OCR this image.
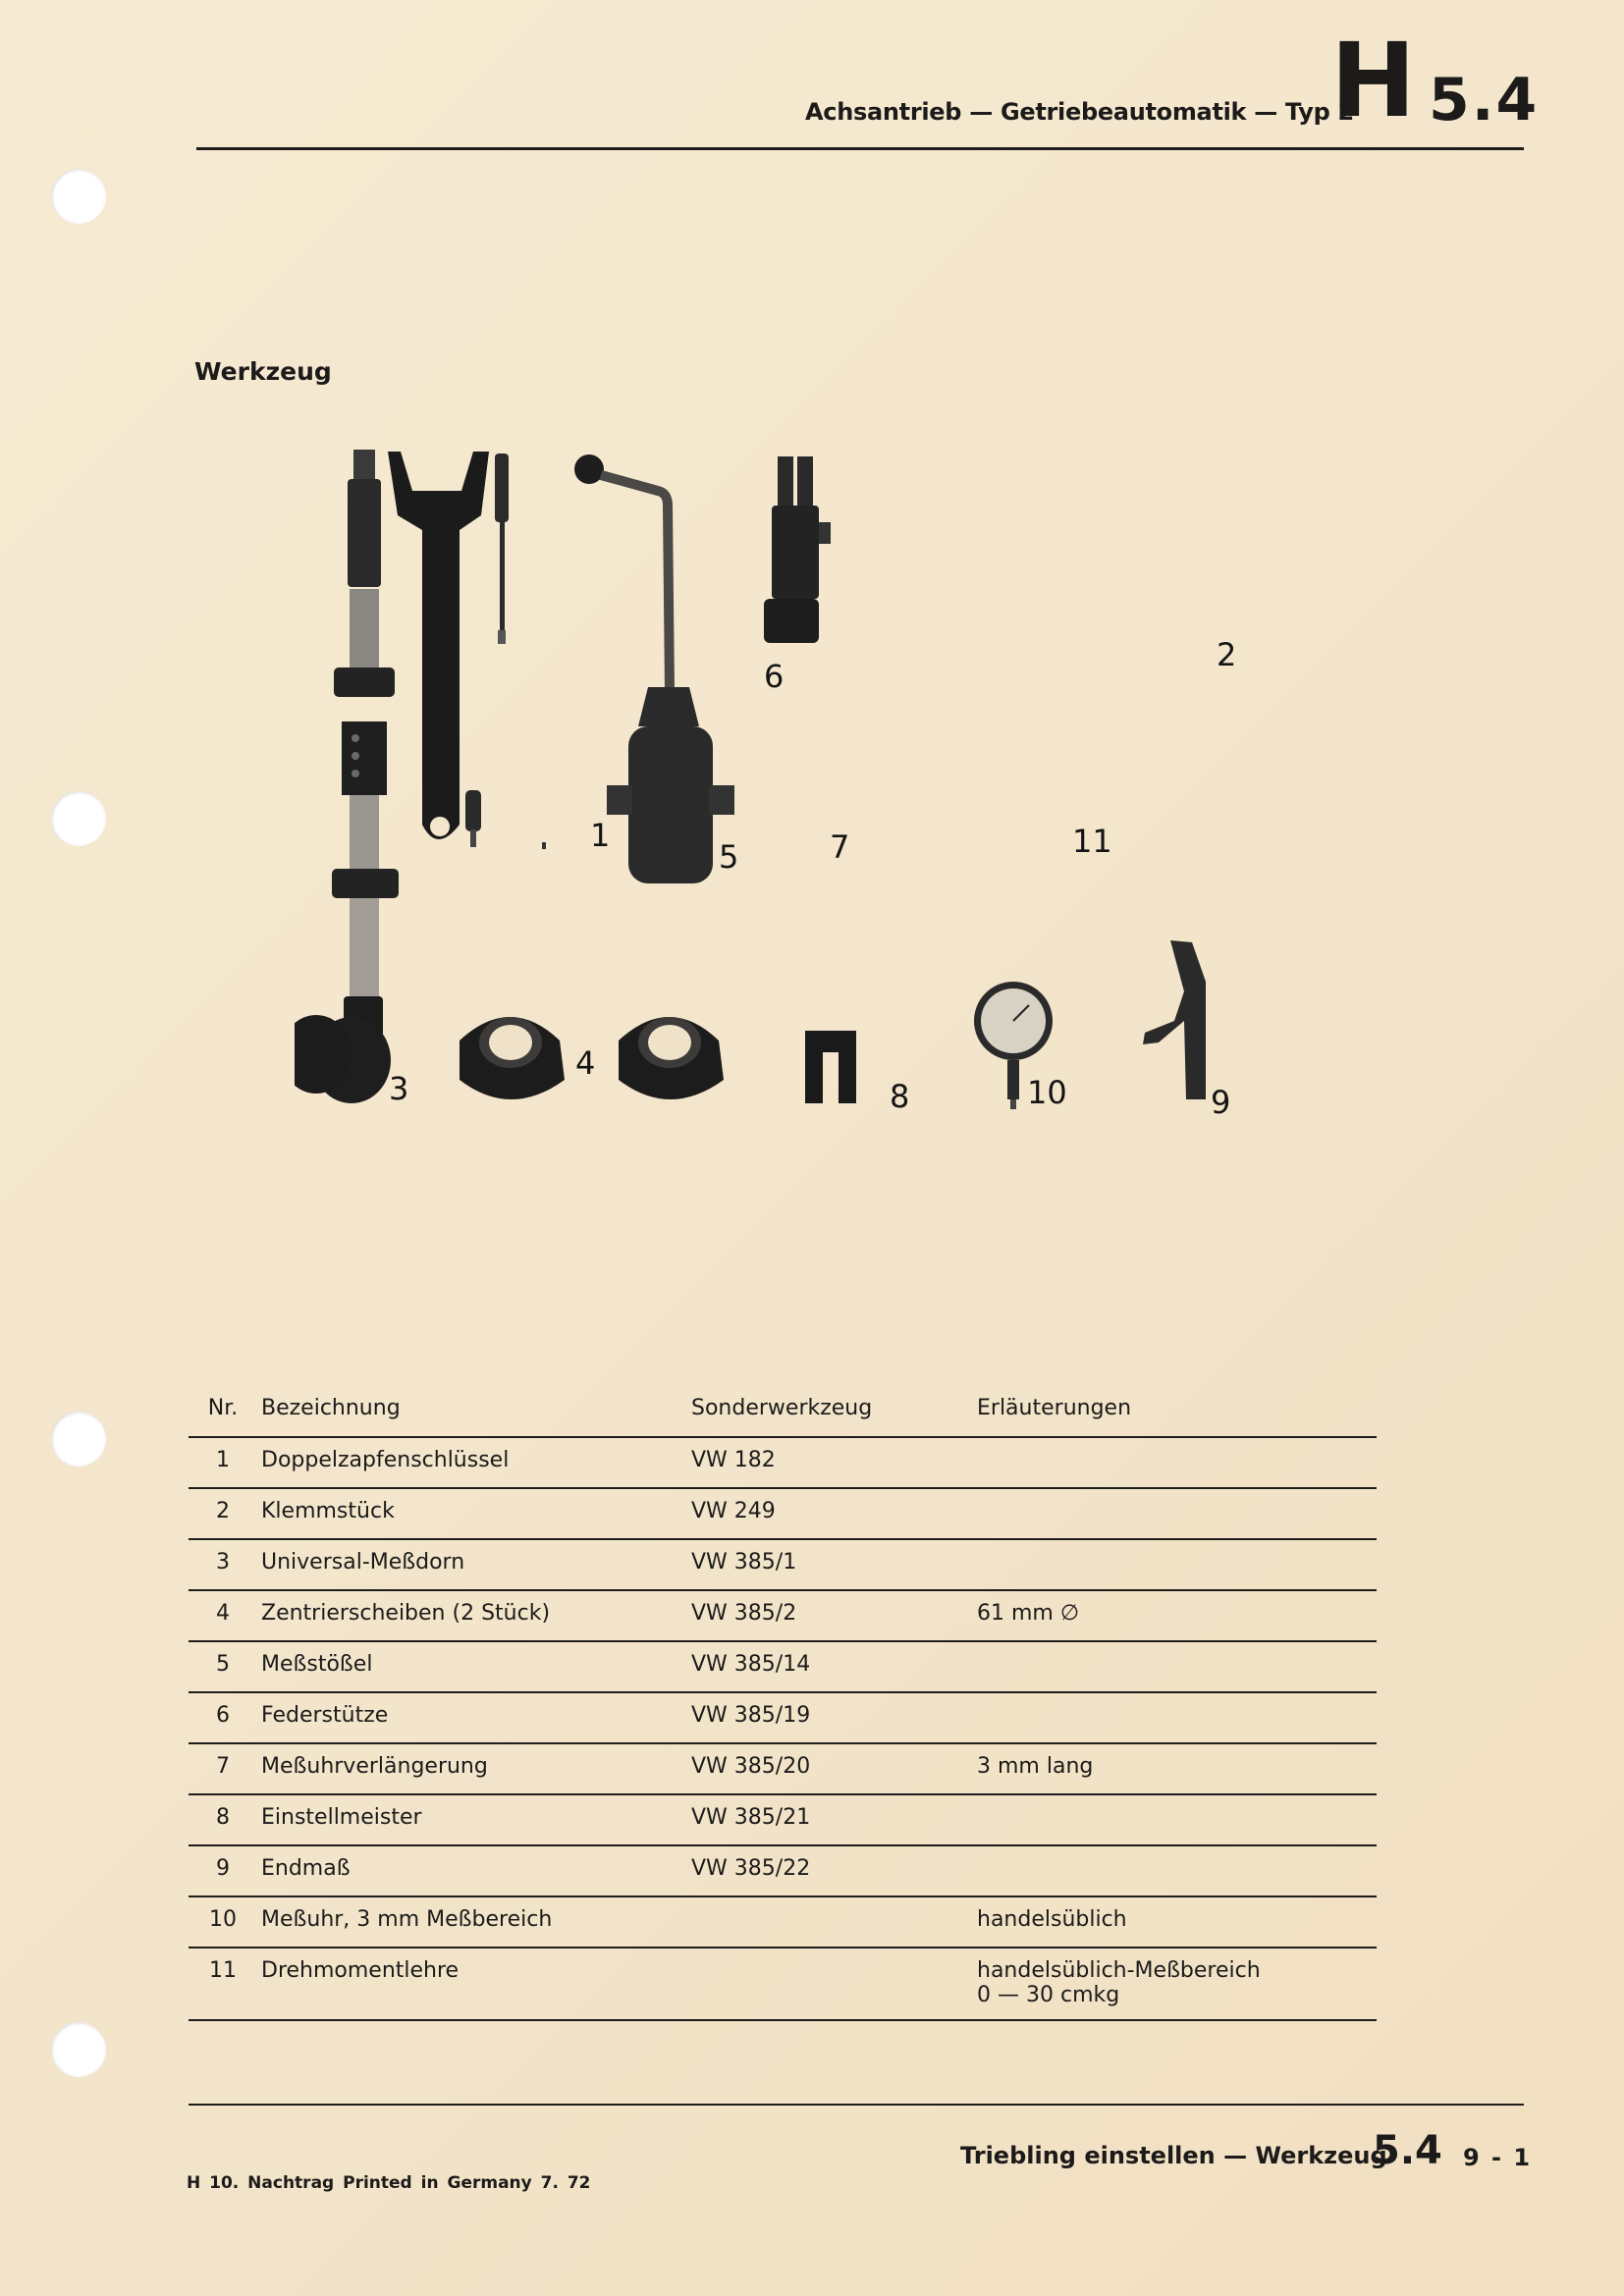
Achsantrieb — Getriebeautomatik — Typ 2
H 5.4
Werkzeug
1
2
3
4
5
6
7
8	9
10
11
Nr.	Bezeichnung	Sonderwerkzeug	Erläuterungen
1	Doppelzapfenschlüssel	VW 182	
2	Klemmstück	VW 249	
3	Universal-Meßdorn	VW 385/1	
4	Zentrierscheiben (2 Stück)	VW 385/2	61 mm ∅
5	Meßstößel	VW 385/14	
6	Federstütze	VW 385/19	
7	Meßuhrverlängerung	VW 385/20	3 mm lang
8	Einstellmeister	VW 385/21	
9	Endmaß	VW 385/22	
10	Meßuhr, 3 mm Meßbereich		handelsüblich
11	Drehmomentlehre		handelsüblich-Meßbereich
0 — 30 cmkg
Triebling einstellen — Werkzeug
5.4 9 - 1
H 10. Nachtrag Printed in Germany 7. 72
